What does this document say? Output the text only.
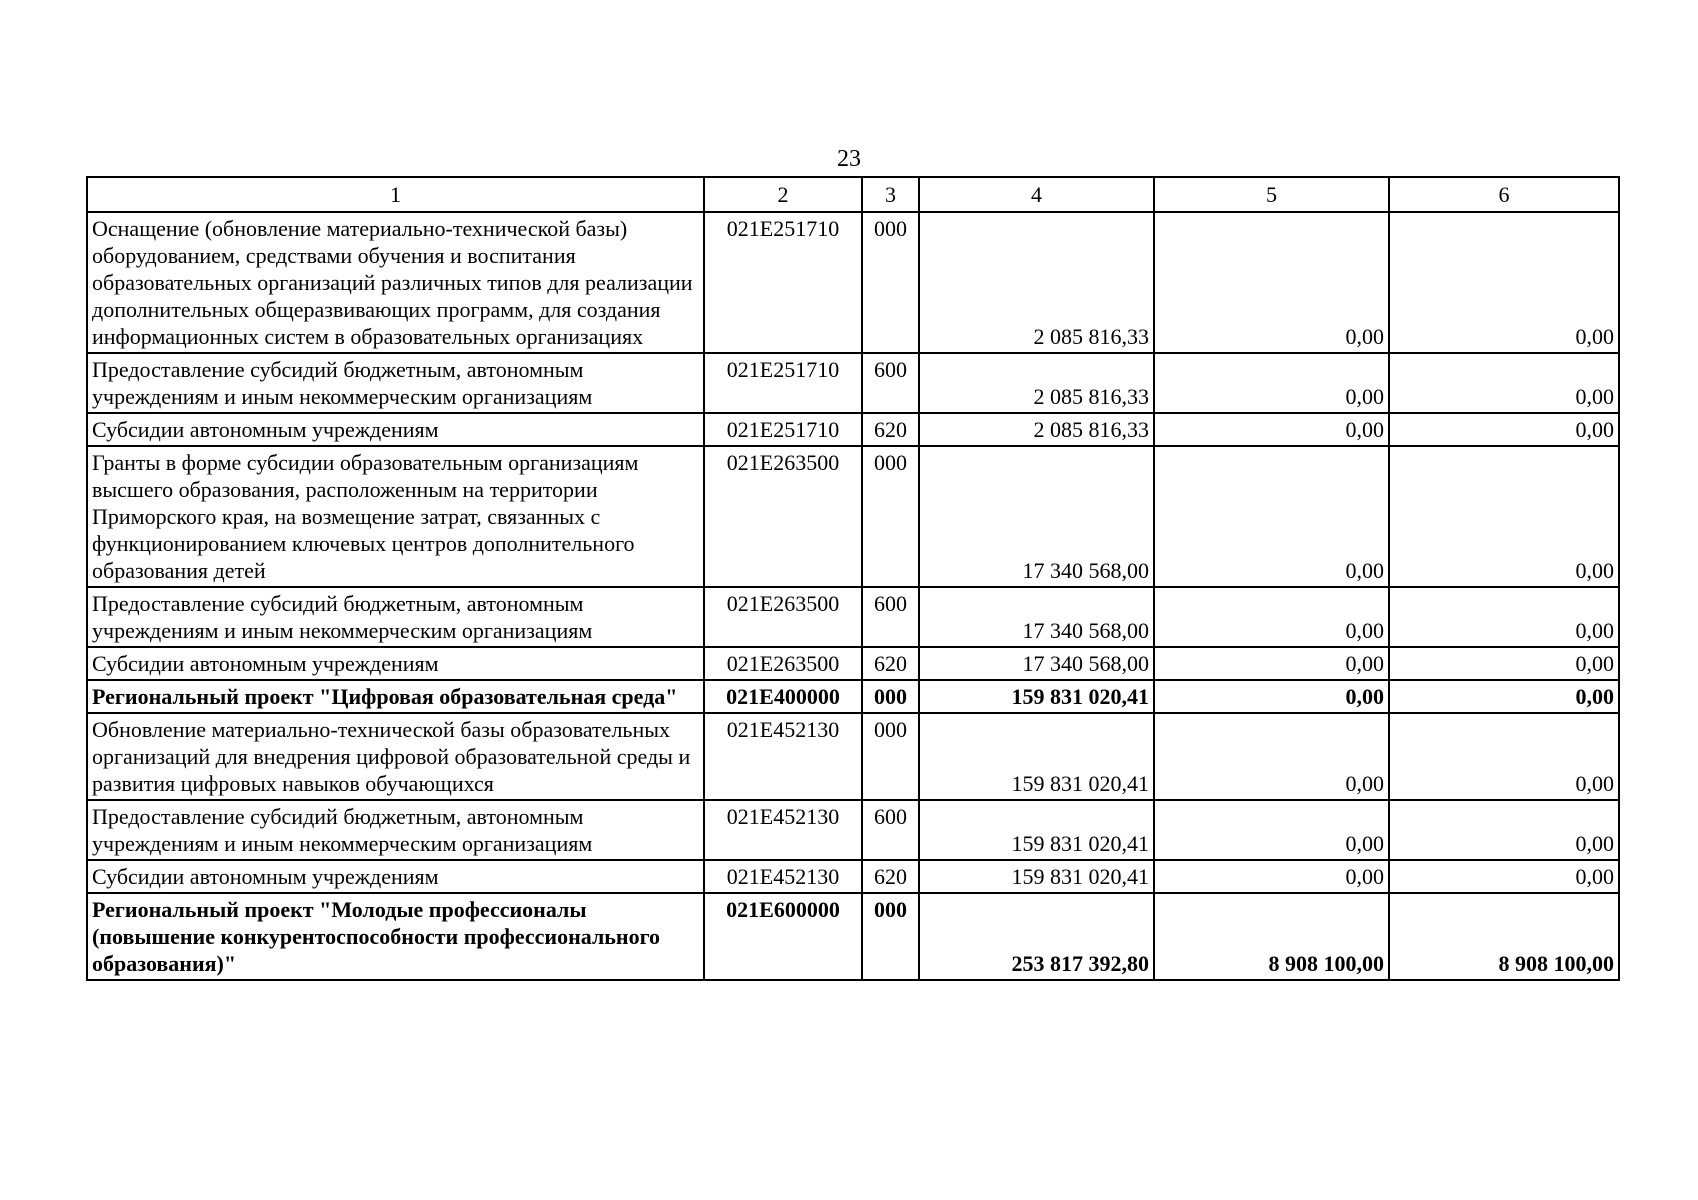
23
1	2	3	4	5	6
Оснащение (обновление материально-технической базы) оборудованием, средствами обучения и воспитания образовательных организаций различных типов для реализации дополнительных общеразвивающих программ, для создания информационных систем в образовательных организациях	021E251710	000	2 085 816,33	0,00	0,00
Предоставление субсидий бюджетным, автономным учреждениям и иным некоммерческим организациям	021E251710	600	2 085 816,33	0,00	0,00
Субсидии автономным учреждениям	021E251710	620	2 085 816,33	0,00	0,00
Гранты в форме субсидии образовательным организациям высшего образования, расположенным на территории Приморского края, на возмещение затрат, связанных с функционированием ключевых центров дополнительного образования детей	021E263500	000	17 340 568,00	0,00	0,00
Предоставление субсидий бюджетным, автономным учреждениям и иным некоммерческим организациям	021E263500	600	17 340 568,00	0,00	0,00
Субсидии автономным учреждениям	021E263500	620	17 340 568,00	0,00	0,00
Региональный проект "Цифровая образовательная среда"	021E400000	000	159 831 020,41	0,00	0,00
Обновление материально-технической базы образовательных организаций для внедрения цифровой образовательной среды и развития цифровых навыков обучающихся	021E452130	000	159 831 020,41	0,00	0,00
Предоставление субсидий бюджетным, автономным учреждениям и иным некоммерческим организациям	021E452130	600	159 831 020,41	0,00	0,00
Субсидии автономным учреждениям	021E452130	620	159 831 020,41	0,00	0,00
Региональный проект "Молодые профессионалы (повышение конкурентоспособности профессионального образования)"	021E600000	000	253 817 392,80	8 908 100,00	8 908 100,00
